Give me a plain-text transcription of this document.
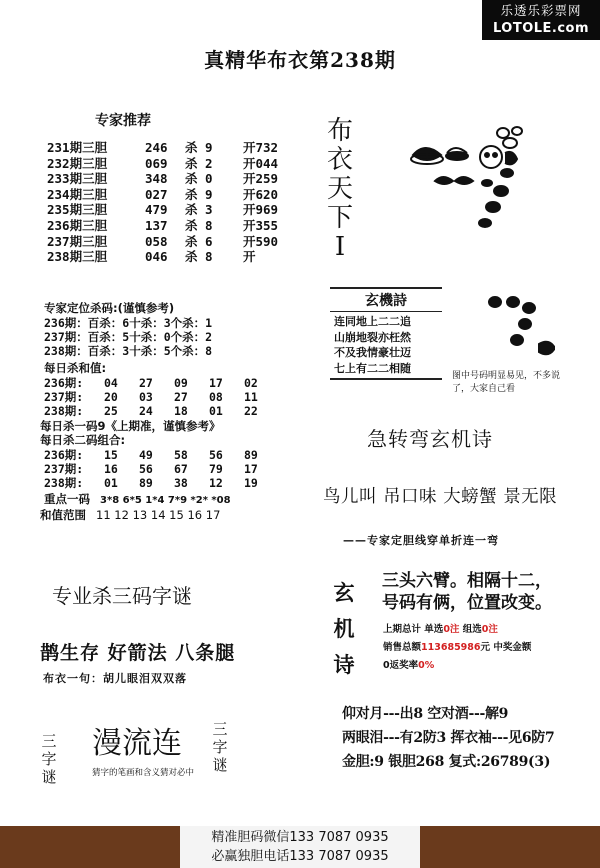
乐透乐彩票网
LOTOLE.com
真精华布衣第238期
专家推荐
231期三胆	246 杀 9 开732
232期三胆	069 杀 2 开044
233期三胆	348 杀 0 开259
234期三胆	027 杀 9 开620
235期三胆	479 杀 3 开969
236期三胆	137 杀 8 开355
237期三胆	058 杀 6 开590
238期三胆	046 杀 8 开
专家定位杀码:(谨慎参考)
236期：百杀：6十杀：3个杀：1
237期：百杀：5十杀：0个杀：2
238期：百杀：3十杀：5个杀：8
每日杀和值:
236期: 04 27 09 17 02
237期: 20 03 27 08 11
238期: 25 24 18 01 22
每日杀一码9《上期准，谨慎参考》
每日杀二码组合:
236期: 15 49 58 56 89
237期: 16 56 67 79 17
238期: 01 89 38 12 19
重点一码 3*8 6*5 1*4 7*9 *2* *08
和值范围 11 12 13 14 15 16 17
专业杀三码字谜
鹊生存 好箭法 八条腿
布衣一句：胡儿眼泪双双落
三字谜
漫流连
猜字的笔画和含义猜对必中
三字谜
布衣天下I
玄機詩
连同地上二二追
山崩地裂亦枉然
不及我情豪壮迈
七上有二二相随
图中号码明显易见，不多说了，大家自己看
急转弯玄机诗
鸟儿叫 吊口味 大螃蟹 景无限
——专家定胆线穿单折连一弯
玄机诗
三头六臂。相隔十二，
号码有俩，位置改变。
上期总计 单选0注 组选0注
销售总额113685986元 中奖金额
0返奖率0%
仰对月---出8 空对酒---解9
两眼泪---有2防3 挥衣袖---见6防7
金胆:9 银胆268 复式:26789(3)
精准胆码微信133 7087 0935
必赢独胆电话133 7087 0935
